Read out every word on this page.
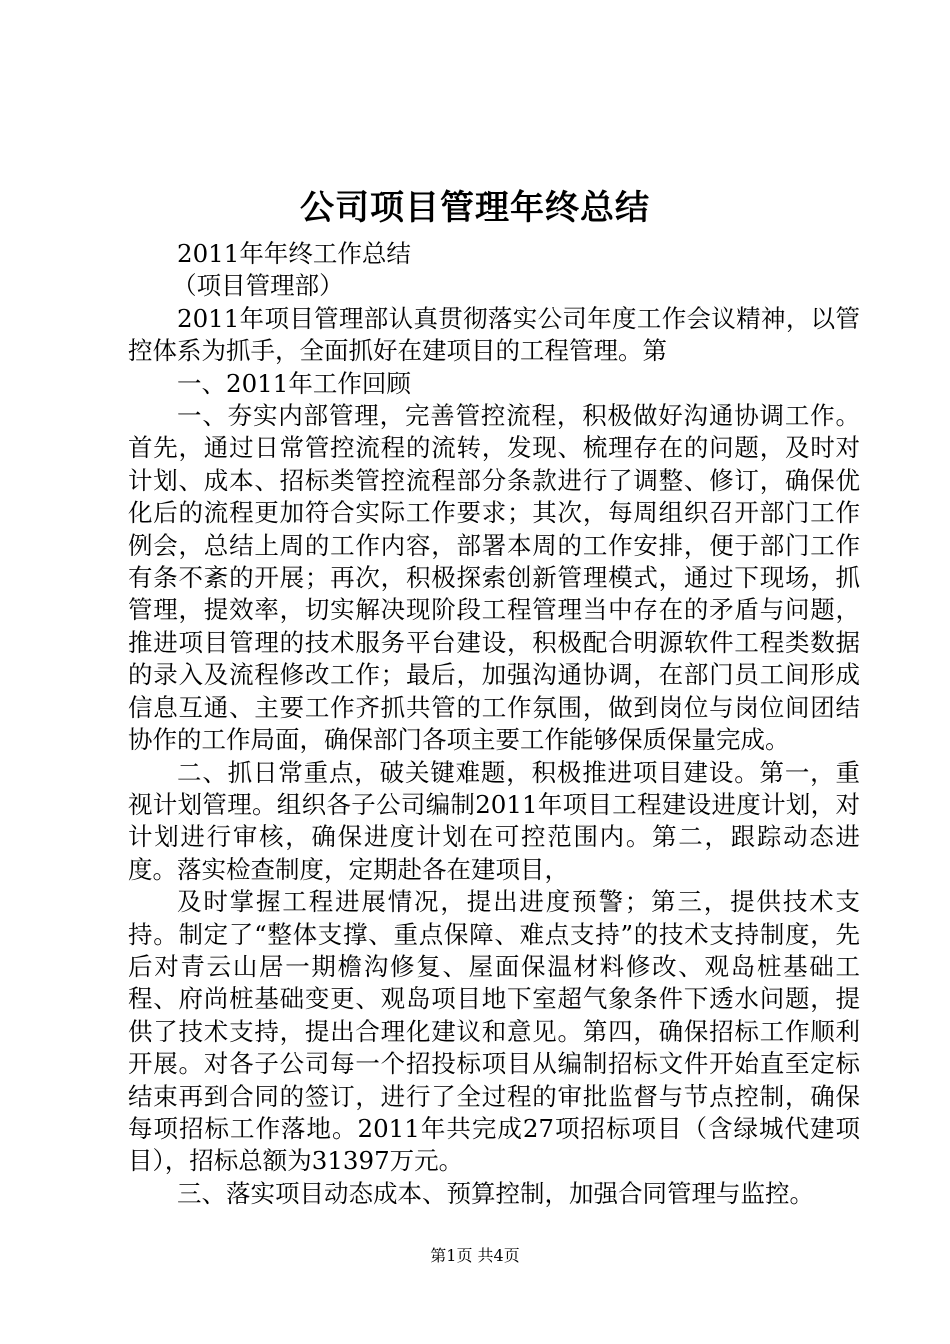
公司项目管理年终总结

2011年年终工作总结

（项目管理部）

2011年项目管理部认真贯彻落实公司年度工作会议精神，以管控体系为抓手，全面抓好在建项目的工程管理。第

一、2011年工作回顾

一、夯实内部管理，完善管控流程，积极做好沟通协调工作。首先，通过日常管控流程的流转，发现、梳理存在的问题，及时对计划、成本、招标类管控流程部分条款进行了调整、修订，确保优化后的流程更加符合实际工作要求；其次，每周组织召开部门工作例会，总结上周的工作内容，部署本周的工作安排，便于部门工作有条不紊的开展；再次，积极探索创新管理模式，通过下现场，抓管理，提效率，切实解决现阶段工程管理当中存在的矛盾与问题，推进项目管理的技术服务平台建设，积极配合明源软件工程类数据的录入及流程修改工作；最后，加强沟通协调，在部门员工间形成信息互通、主要工作齐抓共管的工作氛围，做到岗位与岗位间团结协作的工作局面，确保部门各项主要工作能够保质保量完成。

二、抓日常重点，破关键难题，积极推进项目建设。第一，重视计划管理。组织各子公司编制2011年项目工程建设进度计划，对计划进行审核，确保进度计划在可控范围内。第二，跟踪动态进度。落实检查制度，定期赴各在建项目，

及时掌握工程进展情况，提出进度预警；第三，提供技术支持。制定了“整体支撑、重点保障、难点支持”的技术支持制度，先后对青云山居一期檐沟修复、屋面保温材料修改、观岛桩基础工程、府尚桩基础变更、观岛项目地下室超气象条件下透水问题，提供了技术支持，提出合理化建议和意见。第四，确保招标工作顺利开展。对各子公司每一个招投标项目从编制招标文件开始直至定标结束再到合同的签订，进行了全过程的审批监督与节点控制，确保每项招标工作落地。2011年共完成27项招标项目（含绿城代建项目），招标总额为31397万元。

三、落实项目动态成本、预算控制，加强合同管理与监控。

第1页 共4页
